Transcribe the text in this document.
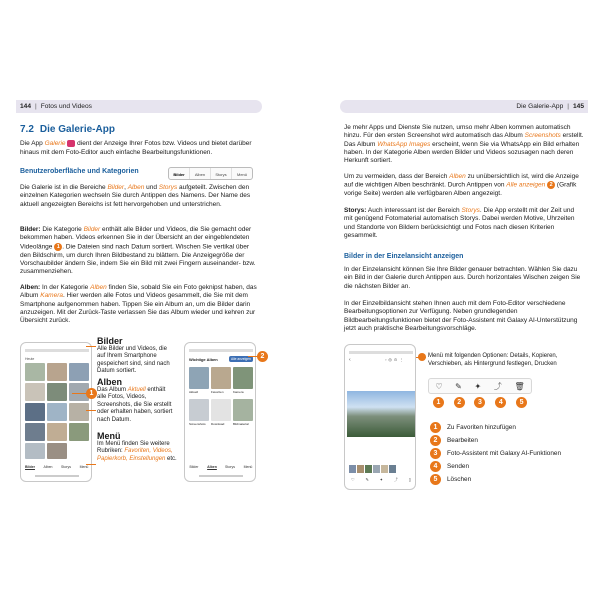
144 | Fotos und Videos
7.2 Die Galerie-App
Die App Galerie  dient der Anzeige Ihrer Fotos bzw. Videos und bietet darüber hinaus mit dem Foto-Editor auch einfache Bearbeitungsfunktionen.
Benutzeroberfläche und Kategorien	Bilder	Alben	Storys	Menü
Die Galerie ist in die Bereiche Bilder, Alben und Storys aufgeteilt. Zwischen den einzelnen Kategorien wechseln Sie durch Antippen des Namens. Der Name des aktuell angezeigten Bereichs ist fett hervorgehoben und unterstrichen.
Bilder: Die Kategorie Bilder enthält alle Bilder und Videos, die Sie gemacht oder bekommen haben. Videos erkennen Sie in der Übersicht an der eingeblendeten Videolänge 1 . Die Dateien sind nach Datum sortiert. Wischen Sie vertikal über den Bildschirm, um durch Ihren Bildbestand zu blättern. Die Anzeigegröße der Vorschaubilder ändern Sie, indem Sie ein Bild mit zwei Fingern auseinander- bzw. zusammenziehen.
Alben: In der Kategorie Alben finden Sie, sobald Sie ein Foto geknipst haben, das Album Kamera. Hier werden alle Fotos und Videos gesammelt, die Sie mit dem Smartphone aufgenommen haben. Tippen Sie ein Album an, um die Bilder darin anzuzeigen. Mit der Zurück-Taste verlassen Sie das Album wieder und kehren zur Übersicht zurück.
Heute
Bilder	Alben	Storys	Menü
1
Bilder
Alle Bilder und Videos, die auf Ihrem Smartphone gespeichert sind, sind nach Datum sortiert.
Alben
Das Album Aktuell enthält alle Fotos, Videos, Screenshots, die Sie erstellt oder erhalten haben, sortiert nach Datum.
Menü
Im Menü finden Sie weitere Rubriken: Favoriten, Videos, Papierkorb, Einstellungen etc.
Wichtige Alben	Alle anzeigen
Aktuell	Favoriten	Kamera
Screenshots	Download	Bildmaterial
Bilder	Alben	Storys	Menü
2
Die Galerie-App | 145
Je mehr Apps und Dienste Sie nutzen, umso mehr Alben kommen automatisch hinzu. Für den ersten Screenshot wird automatisch das Album Screenshots erstellt. Das Album WhatsApp Images erscheint, wenn Sie via WhatsApp ein Bild erhalten haben. In der Kategorie Alben werden Bilder und Videos sozusagen nach deren Herkunft sortiert.
Um zu vermeiden, dass der Bereich Alben zu unübersichtlich ist, wird die Anzeige auf die wichtigen Alben beschränkt. Durch Antippen von Alle anzeigen 2 (Grafik vorige Seite) werden alle verfügbaren Alben angezeigt.
Storys: Auch interessant ist der Bereich Storys. Die App erstellt mit der Zeit und mit genügend Fotomaterial automatisch Storys. Dabei werden Motive, Uhrzeiten und Standorte von Bildern berücksichtigt und Fotos nach diesen Kriterien gesammelt.
Bilder in der Einzelansicht anzeigen
In der Einzelansicht können Sie Ihre Bilder genauer betrachten. Wählen Sie dazu ein Bild in der Galerie durch Antippen aus. Durch horizontales Wischen zeigen Sie die nächsten Bilder an.
In der Einzelbildansicht stehen Ihnen auch mit dem Foto-Editor verschiedene Bearbeitungsoptionen zur Verfügung. Neben grundlegenden Bildbearbeitungsfunktionen bietet der Foto-Assistent mit Galaxy AI-Unterstützung jetzt auch praktische Bearbeitungsvorschläge.
‹	▫◎⊙⋮
♡	✎	✦	⤴	▯
Menü mit folgenden Optionen: Details, Kopieren, Verschieben, als Hintergrund festlegen, Drucken
♡ ✎ ✦ ⤴ 🗑
1	2	3	4	5
1	Zu Favoriten hinzufügen
2	Bearbeiten
3	Foto-Assistent mit Galaxy AI-Funktionen
4	Senden
5	Löschen
